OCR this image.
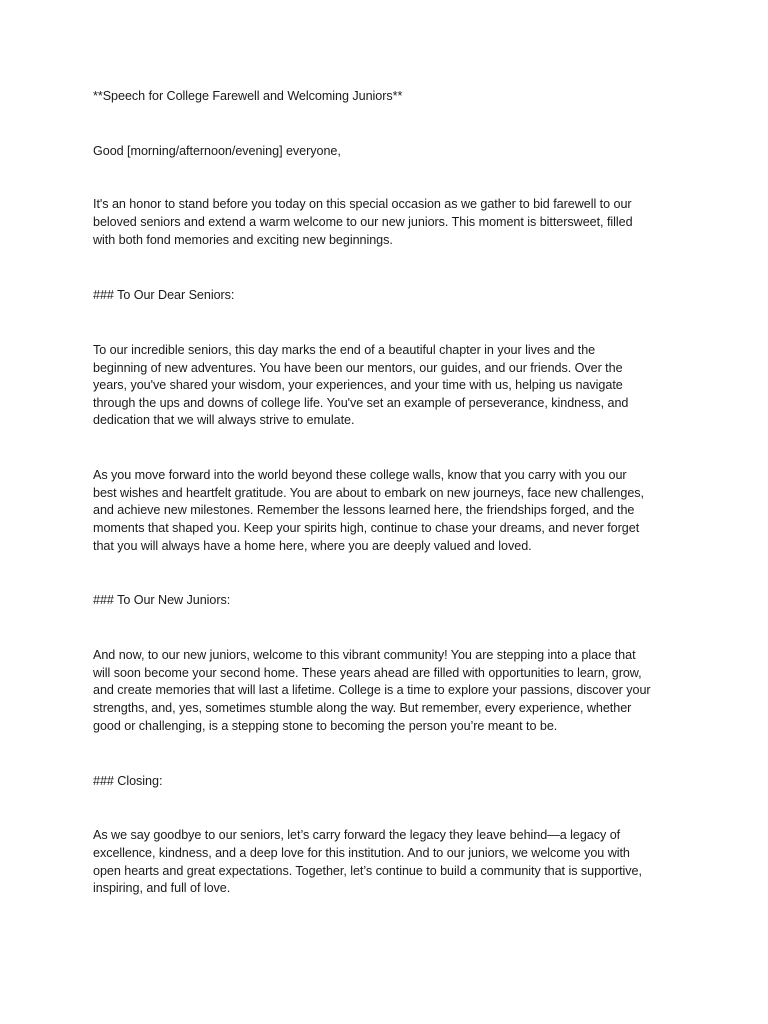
**Speech for College Farewell and Welcoming Juniors**

Good [morning/afternoon/evening] everyone,

It's an honor to stand before you today on this special occasion as we gather to bid farewell to our

beloved seniors and extend a warm welcome to our new juniors. This moment is bittersweet, filled

with both fond memories and exciting new beginnings.

### To Our Dear Seniors:

To our incredible seniors, this day marks the end of a beautiful chapter in your lives and the

beginning of new adventures. You have been our mentors, our guides, and our friends. Over the

years, you've shared your wisdom, your experiences, and your time with us, helping us navigate

through the ups and downs of college life. You've set an example of perseverance, kindness, and

dedication that we will always strive to emulate.

As you move forward into the world beyond these college walls, know that you carry with you our

best wishes and heartfelt gratitude. You are about to embark on new journeys, face new challenges,

and achieve new milestones. Remember the lessons learned here, the friendships forged, and the

moments that shaped you. Keep your spirits high, continue to chase your dreams, and never forget

that you will always have a home here, where you are deeply valued and loved.

### To Our New Juniors:

And now, to our new juniors, welcome to this vibrant community! You are stepping into a place that

will soon become your second home. These years ahead are filled with opportunities to learn, grow,

and create memories that will last a lifetime. College is a time to explore your passions, discover your

strengths, and, yes, sometimes stumble along the way. But remember, every experience, whether

good or challenging, is a stepping stone to becoming the person you’re meant to be.

### Closing:

As we say goodbye to our seniors, let’s carry forward the legacy they leave behind—a legacy of

excellence, kindness, and a deep love for this institution. And to our juniors, we welcome you with

open hearts and great expectations. Together, let’s continue to build a community that is supportive,

inspiring, and full of love.
